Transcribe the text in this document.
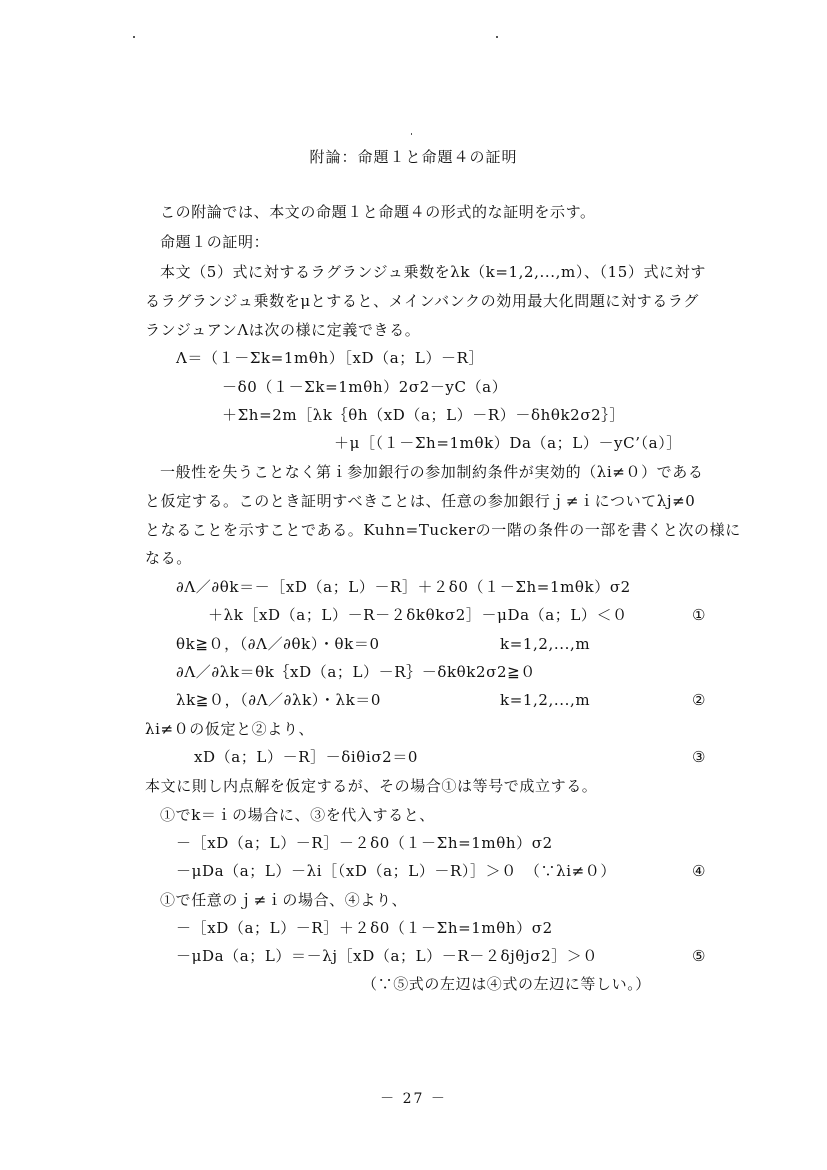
附論：命題１と命題４の証明
この附論では、本文の命題１と命題４の形式的な証明を示す。
命題１の証明：
本文（5）式に対するラグランジュ乗数をλk（k=1,2,...,m）、（15）式に対す
るラグランジュ乗数をμとすると、メインバンクの効用最大化問題に対するラグ
ランジュアンΛは次の様に定義できる。
Λ＝（１－Σk=1mθh）［xD（a；L）－R］
－δ0（１－Σk=1mθh）2σ2－yC（a）
＋Σh=2m［λk｛θh（xD（a；L）－R）－δhθk2σ2｝］
＋μ［（１－Σh=1mθk）Da（a；L）－yC’（a）］
一般性を失うことなく第ｉ参加銀行の参加制約条件が実効的（λi≠０）である
と仮定する。このとき証明すべきことは、任意の参加銀行ｊ≠ｉについてλj≠0
となることを示すことである。Kuhn=Tuckerの一階の条件の一部を書くと次の様に
なる。
∂Λ／∂θk＝－［xD（a；L）－R］＋２δ0（１－Σh=1mθk）σ2
＋λk［xD（a；L）－R－２δkθkσ2］－μDa（a；L）＜０	①
θk≧０，（∂Λ／∂θk）・θk＝0	k=1,2,...,m
∂Λ／∂λk＝θk｛xD（a；L）－R｝－δkθk2σ2≧０
λk≧０，（∂Λ／∂λk）・λk＝0	k=1,2,...,m	②
λi≠０の仮定と②より、
xD（a；L）－R］－δiθiσ2＝0	③
本文に則し内点解を仮定するが、その場合①は等号で成立する。
①でk＝ｉの場合に、③を代入すると、
－［xD（a；L）－R］－２δ0（１－Σh=1mθh）σ2
－μDa（a；L）－λi［（xD（a；L）－R）］＞０　（∵λi≠０）	④
①で任意のｊ≠ｉの場合、④より、
－［xD（a；L）－R］＋２δ0（１－Σh=1mθh）σ2
－μDa（a；L）＝－λj［xD（a；L）－R－２δjθjσ2］＞０	⑤
（∵⑤式の左辺は④式の左辺に等しい。）
－ 27 －
